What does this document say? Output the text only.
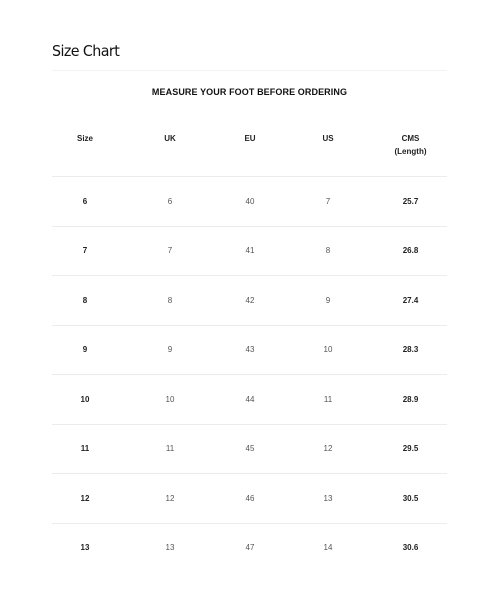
Size Chart
MEASURE YOUR FOOT BEFORE ORDERING
Size	UK	EU	US	CMS
(Length)
6	6	40	7	25.7
7	7	41	8	26.8
8	8	42	9	27.4
9	9	43	10	28.3
10	10	44	11	28.9
11	11	45	12	29.5
12	12	46	13	30.5
13	13	47	14	30.6
